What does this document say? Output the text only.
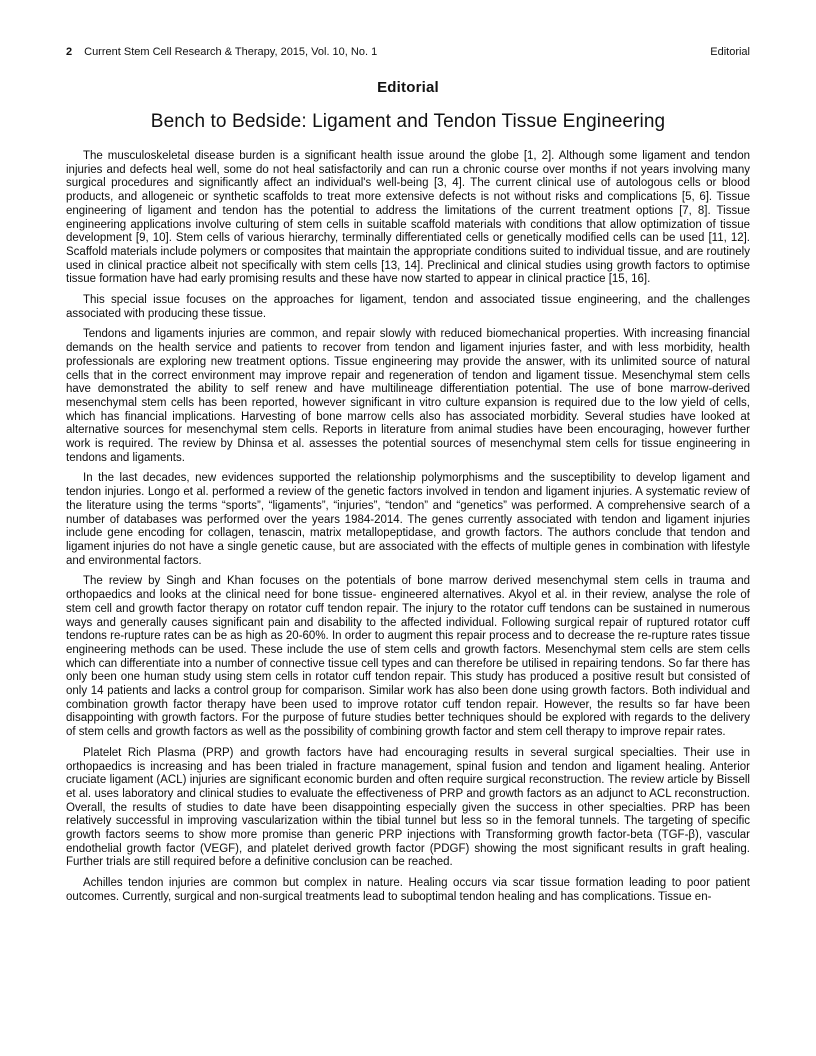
2 Current Stem Cell Research & Therapy, 2015, Vol. 10, No. 1	Editorial
Editorial
Bench to Bedside: Ligament and Tendon Tissue Engineering

The musculoskeletal disease burden is a significant health issue around the globe [1, 2]. Although some ligament and tendon injuries and defects heal well, some do not heal satisfactorily and can run a chronic course over months if not years involving many surgical procedures and significantly affect an individual's well-being [3, 4]. The current clinical use of autologous cells or blood products, and allogeneic or synthetic scaffolds to treat more extensive defects is not without risks and complications [5, 6]. Tissue engineering of ligament and tendon has the potential to address the limitations of the current treatment options [7, 8]. Tissue engineering applications involve culturing of stem cells in suitable scaffold materials with conditions that allow optimization of tissue development [9, 10]. Stem cells of various hierarchy, terminally differentiated cells or genetically modified cells can be used [11, 12]. Scaffold materials include polymers or composites that maintain the appropriate conditions suited to individual tissue, and are routinely used in clinical practice albeit not specifically with stem cells [13, 14]. Preclinical and clinical studies using growth factors to optimise tissue formation have had early promising results and these have now started to appear in clinical practice [15, 16].

This special issue focuses on the approaches for ligament, tendon and associated tissue engineering, and the challenges associated with producing these tissue.

Tendons and ligaments injuries are common, and repair slowly with reduced biomechanical properties. With increasing financial demands on the health service and patients to recover from tendon and ligament injuries faster, and with less morbidity, health professionals are exploring new treatment options. Tissue engineering may provide the answer, with its unlimited source of natural cells that in the correct environment may improve repair and regeneration of tendon and ligament tissue. Mesenchymal stem cells have demonstrated the ability to self renew and have multilineage differentiation potential. The use of bone marrow-derived mesenchymal stem cells has been reported, however significant in vitro culture expansion is required due to the low yield of cells, which has financial implications. Harvesting of bone marrow cells also has associated morbidity. Several studies have looked at alternative sources for mesenchymal stem cells. Reports in literature from animal studies have been encouraging, however further work is required. The review by Dhinsa et al. assesses the potential sources of mesenchymal stem cells for tissue engineering in tendons and ligaments.

In the last decades, new evidences supported the relationship polymorphisms and the susceptibility to develop ligament and tendon injuries. Longo et al. performed a review of the genetic factors involved in tendon and ligament injuries. A systematic review of the literature using the terms “sports”, “ligaments”, “injuries”, “tendon” and “genetics” was performed. A comprehensive search of a number of databases was performed over the years 1984-2014. The genes currently associated with tendon and ligament injuries include gene encoding for collagen, tenascin, matrix metallopeptidase, and growth factors. The authors conclude that tendon and ligament injuries do not have a single genetic cause, but are associated with the effects of multiple genes in combination with lifestyle and environmental factors.

The review by Singh and Khan focuses on the potentials of bone marrow derived mesenchymal stem cells in trauma and orthopaedics and looks at the clinical need for bone tissue- engineered alternatives. Akyol et al. in their review, analyse the role of stem cell and growth factor therapy on rotator cuff tendon repair. The injury to the rotator cuff tendons can be sustained in numerous ways and generally causes significant pain and disability to the affected individual. Following surgical repair of ruptured rotator cuff tendons re-rupture rates can be as high as 20-60%. In order to augment this repair process and to decrease the re-rupture rates tissue engineering methods can be used. These include the use of stem cells and growth factors. Mesenchymal stem cells are stem cells which can differentiate into a number of connective tissue cell types and can therefore be utilised in repairing tendons. So far there has only been one human study using stem cells in rotator cuff tendon repair. This study has produced a positive result but consisted of only 14 patients and lacks a control group for comparison. Similar work has also been done using growth factors. Both individual and combination growth factor therapy have been used to improve rotator cuff tendon repair. However, the results so far have been disappointing with growth factors. For the purpose of future studies better techniques should be explored with regards to the delivery of stem cells and growth factors as well as the possibility of combining growth factor and stem cell therapy to improve repair rates.

Platelet Rich Plasma (PRP) and growth factors have had encouraging results in several surgical specialties. Their use in orthopaedics is increasing and has been trialed in fracture management, spinal fusion and tendon and ligament healing. Anterior cruciate ligament (ACL) injuries are significant economic burden and often require surgical reconstruction. The review article by Bissell et al. uses laboratory and clinical studies to evaluate the effectiveness of PRP and growth factors as an adjunct to ACL reconstruction. Overall, the results of studies to date have been disappointing especially given the success in other specialties. PRP has been relatively successful in improving vascularization within the tibial tunnel but less so in the femoral tunnels. The targeting of specific growth factors seems to show more promise than generic PRP injections with Transforming growth factor-beta (TGF-β), vascular endothelial growth factor (VEGF), and platelet derived growth factor (PDGF) showing the most significant results in graft healing. Further trials are still required before a definitive conclusion can be reached.

Achilles tendon injuries are common but complex in nature. Healing occurs via scar tissue formation leading to poor patient outcomes. Currently, surgical and non-surgical treatments lead to suboptimal tendon healing and has complications. Tissue en-
